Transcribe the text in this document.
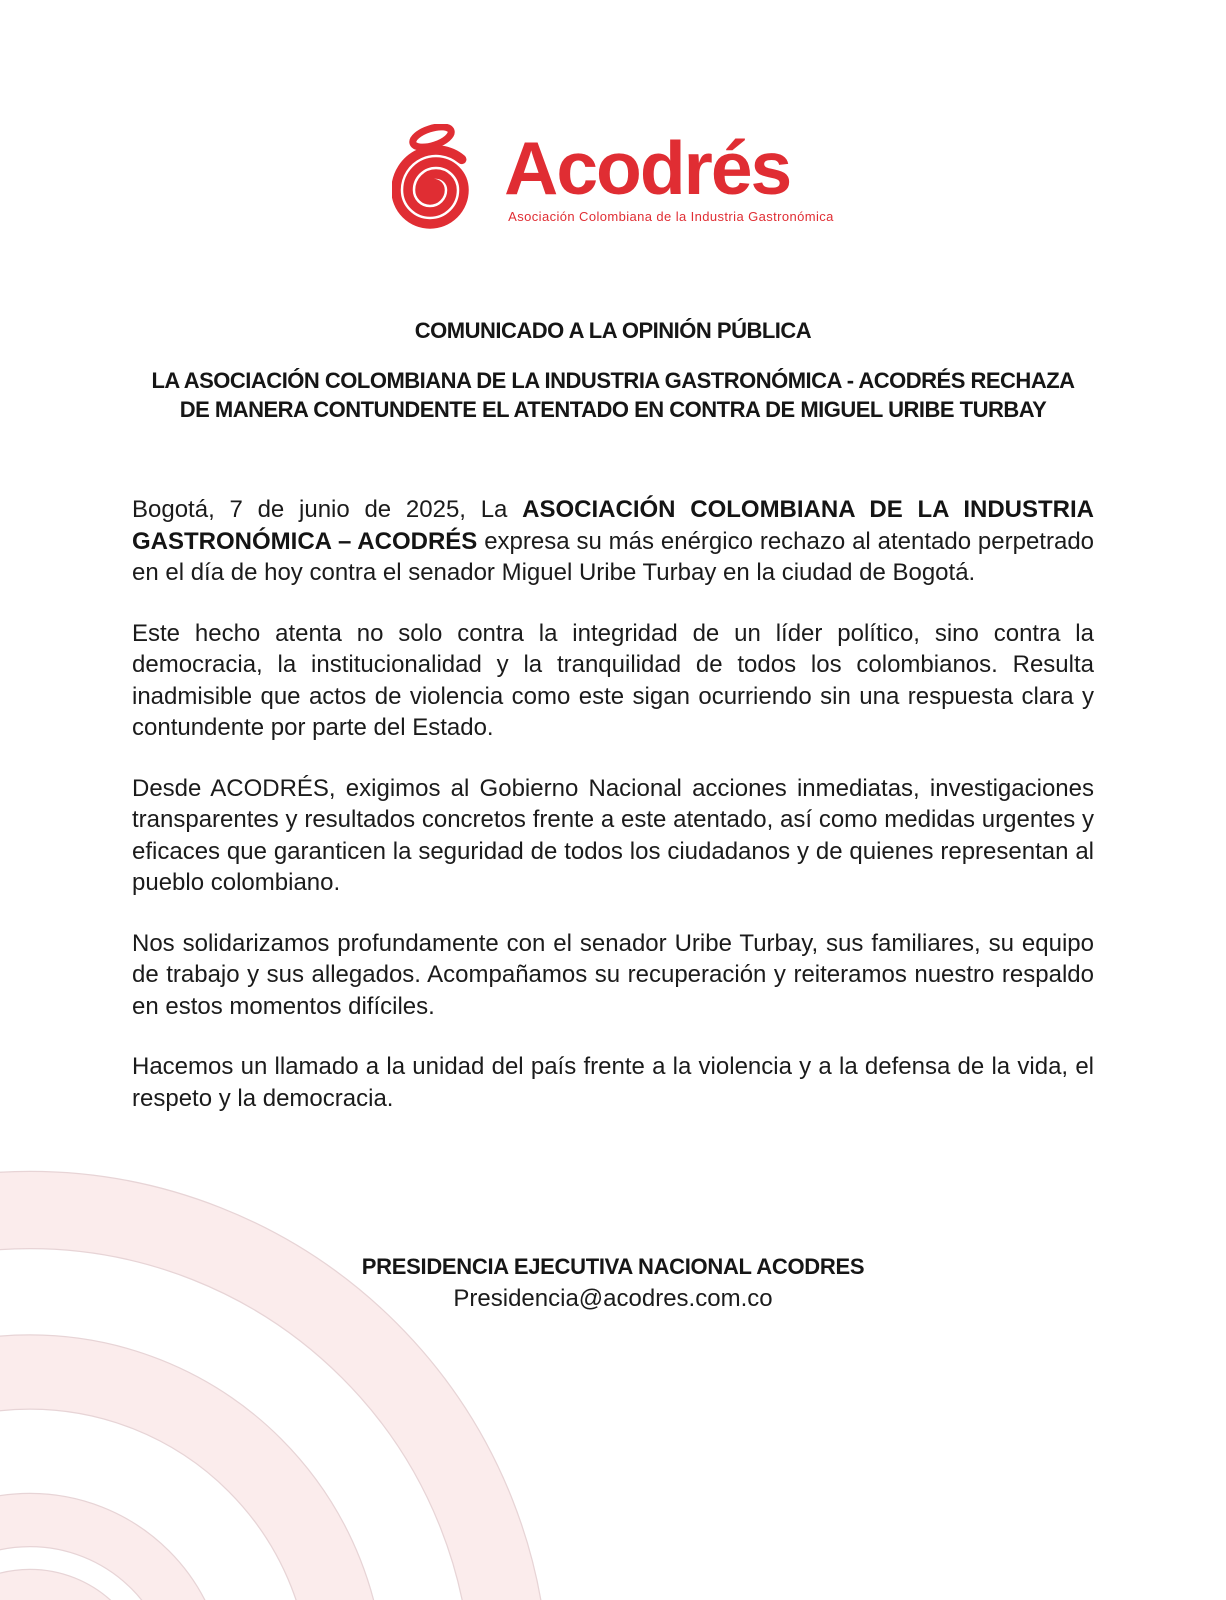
Acodrés
Asociación Colombiana de la Industria Gastronómica
COMUNICADO A LA OPINIÓN PÚBLICA
LA ASOCIACIÓN COLOMBIANA DE LA INDUSTRIA GASTRONÓMICA - ACODRÉS RECHAZA
DE MANERA CONTUNDENTE EL ATENTADO EN CONTRA DE MIGUEL URIBE TURBAY

Bogotá, 7 de junio de 2025, La ASOCIACIÓN COLOMBIANA DE LA INDUSTRIA GASTRONÓMICA – ACODRÉS expresa su más enérgico rechazo al atentado perpetrado en el día de hoy contra el senador Miguel Uribe Turbay en la ciudad de Bogotá.

Este hecho atenta no solo contra la integridad de un líder político, sino contra la democracia, la institucionalidad y la tranquilidad de todos los colombianos. Resulta inadmisible que actos de violencia como este sigan ocurriendo sin una respuesta clara y contundente por parte del Estado.

Desde ACODRÉS, exigimos al Gobierno Nacional acciones inmediatas, investigaciones transparentes y resultados concretos frente a este atentado, así como medidas urgentes y eficaces que garanticen la seguridad de todos los ciudadanos y de quienes representan al pueblo colombiano.

Nos solidarizamos profundamente con el senador Uribe Turbay, sus familiares, su equipo de trabajo y sus allegados. Acompañamos su recuperación y reiteramos nuestro respaldo en estos momentos difíciles.

Hacemos un llamado a la unidad del país frente a la violencia y a la defensa de la vida, el respeto y la democracia.

PRESIDENCIA EJECUTIVA NACIONAL ACODRES
Presidencia@acodres.com.co
